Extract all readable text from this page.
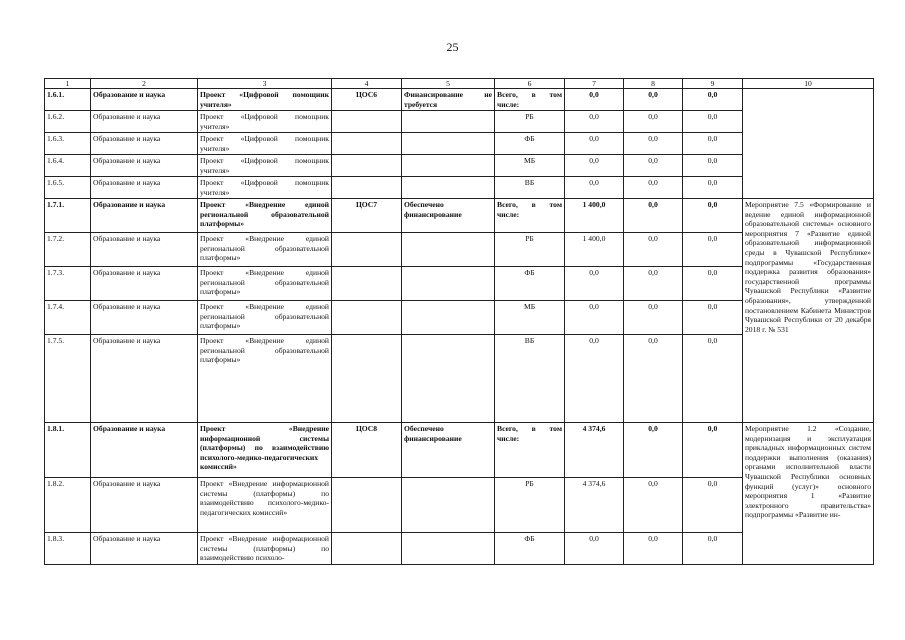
25
1	2	3	4	5	6	7	8	9	10
1.6.1.	Образование и наука	Проект «Цифровой помощник учителя»	ЦОС6	Финансирование не требуется	Всего, в том числе:	0,0	0,0	0,0	
1.6.2.	Образование и наука	Проект «Цифровой помощник учителя»			РБ	0,0	0,0	0,0	
1.6.3.	Образование и наука	Проект «Цифровой помощник учителя»			ФБ	0,0	0,0	0,0	
1.6.4.	Образование и наука	Проект «Цифровой помощник учителя»			МБ	0,0	0,0	0,0	
1.6.5.	Образование и наука	Проект «Цифровой помощник учителя»			ВБ	0,0	0,0	0,0	
1.7.1.	Образование и наука	Проект «Внедрение единой региональной образовательной платформы»	ЦОС7	Обеспечено финансирование	Всего, в том числе:	1 400,0	0,0	0,0	Мероприятие 7.5 «Формирование и ведение единой информационной образовательной системы» основного мероприятия 7 «Развитие единой образовательной информационной среды в Чувашской Республике» подпрограммы «Государственная поддержка развития образования» государственной программы Чувашской Республики «Развитие образования», утвержденной постановлением Кабинета Министров Чувашской Республики от 20 декабря 2018 г. № 531
1.7.2.	Образование и наука	Проект «Внедрение единой региональной образовательной платформы»			РБ	1 400,0	0,0	0,0	
1.7.3.	Образование и наука	Проект «Внедрение единой региональной образовательной платформы»			ФБ	0,0	0,0	0,0	
1.7.4.	Образование и наука	Проект «Внедрение единой региональной образовательной платформы»			МБ	0,0	0,0	0,0	
1.7.5.	Образование и наука	Проект «Внедрение единой региональной образовательной платформы»			ВБ	0,0	0,0	0,0	
1.8.1.	Образование и наука	Проект «Внедрение информационной системы (платформы) по взаимодействию психолого-медико-педагогических комиссий»	ЦОС8	Обеспечено финансирование	Всего, в том числе:	4 374,6	0,0	0,0	Мероприятие 1.2 «Создание, модернизация и эксплуатация прикладных информационных систем поддержки выполнения (оказания) органами исполнительной власти Чувашской Республики основных функций (услуг)» основного мероприятия 1 «Развитие электронного правительства» подпрограммы «Развитие ин-
1.8.2.	Образование и наука	Проект «Внедрение информационной системы (платформы) по взаимодействию психолого-медико-педагогических комиссий»			РБ	4 374,6	0,0	0,0	
1.8.3.	Образование и наука	Проект «Внедрение информационной системы (платформы) по взаимодействию психоло-			ФБ	0,0	0,0	0,0	
